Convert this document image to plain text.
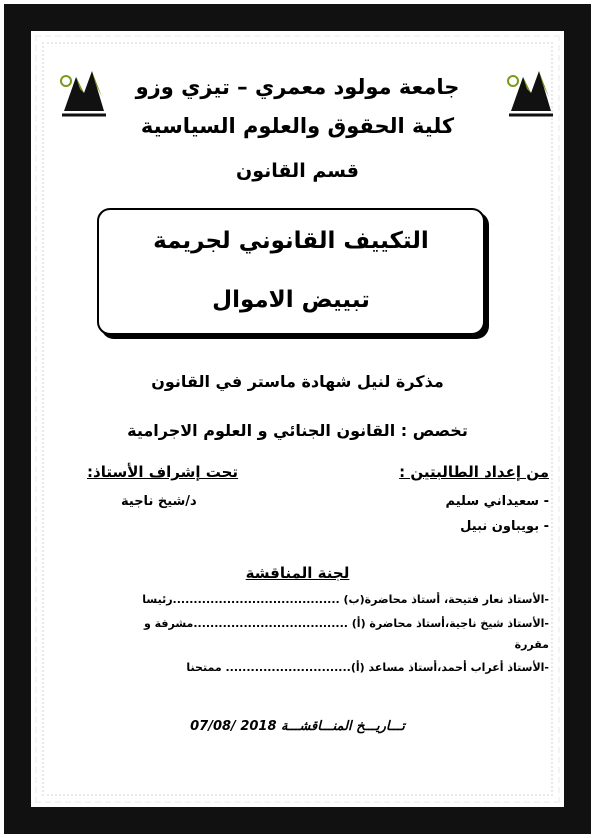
جامعة مولود معمري – تيزي وزو
كلية الحقوق والعلوم السياسية
قسم القانون
التكييف القانوني لجريمة
تبييض الاموال
مذكرة لنيل شهادة ماستر في القانون
تخصص : القانون الجنائي و العلوم الاجرامية
من إعداد الطالبتين :
تحت إشراف الأستاذ:
- سعيداني سليم
- بويباون نبيل
د/شيخ ناجية
لجنة المناقشة
-الأستاذ نعار فتيحة، أستاذ محاضرة(ب) ........................................رئيسا
-الأستاذ شيخ ناجية،أستاذ محاضرة (أ) .....................................مشرفة و
مقررة
-الأستاذ أعراب أحمد،أستاذ مساعد (أ).............................. ممتحنا
تـــاريـــخ المنـــاقشـــة 2018 /07/08
